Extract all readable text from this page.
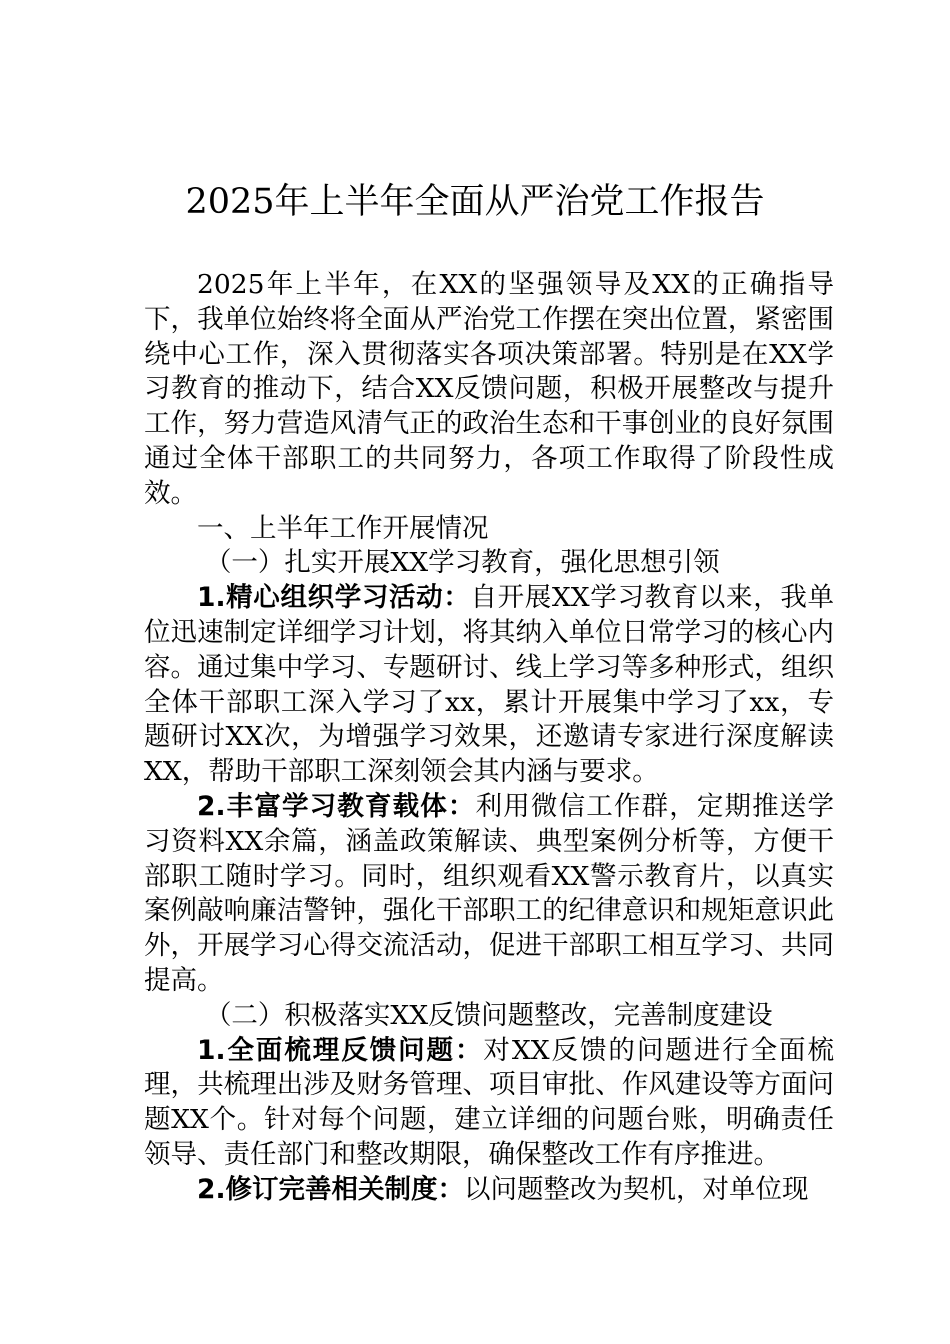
2025年上半年全面从严治党工作报告

2025年上半年，在XX的坚强领导及XX的正确指导下，我单位始终将全面从严治党工作摆在突出位置，紧密围绕中心工作，深入贯彻落实各项决策部署。特别是在XX学习教育的推动下，结合XX反馈问题，积极开展整改与提升工作，努力营造风清气正的政治生态和干事创业的良好氛围通过全体干部职工的共同努力，各项工作取得了阶段性成效。

一、上半年工作开展情况

（一）扎实开展XX学习教育，强化思想引领

1.精心组织学习活动：自开展XX学习教育以来，我单位迅速制定详细学习计划，将其纳入单位日常学习的核心内容。通过集中学习、专题研讨、线上学习等多种形式，组织全体干部职工深入学习了xx，累计开展集中学习了xx，专题研讨XX次，为增强学习效果，还邀请专家进行深度解读XX，帮助干部职工深刻领会其内涵与要求。

2.丰富学习教育载体：利用微信工作群，定期推送学习资料XX余篇，涵盖政策解读、典型案例分析等，方便干部职工随时学习。同时，组织观看XX警示教育片，以真实案例敲响廉洁警钟，强化干部职工的纪律意识和规矩意识此外，开展学习心得交流活动，促进干部职工相互学习、共同提高。

（二）积极落实XX反馈问题整改，完善制度建设

1.全面梳理反馈问题：对XX反馈的问题进行全面梳理，共梳理出涉及财务管理、项目审批、作风建设等方面问题XX个。针对每个问题，建立详细的问题台账，明确责任领导、责任部门和整改期限，确保整改工作有序推进。

2.修订完善相关制度：以问题整改为契机，对单位现
